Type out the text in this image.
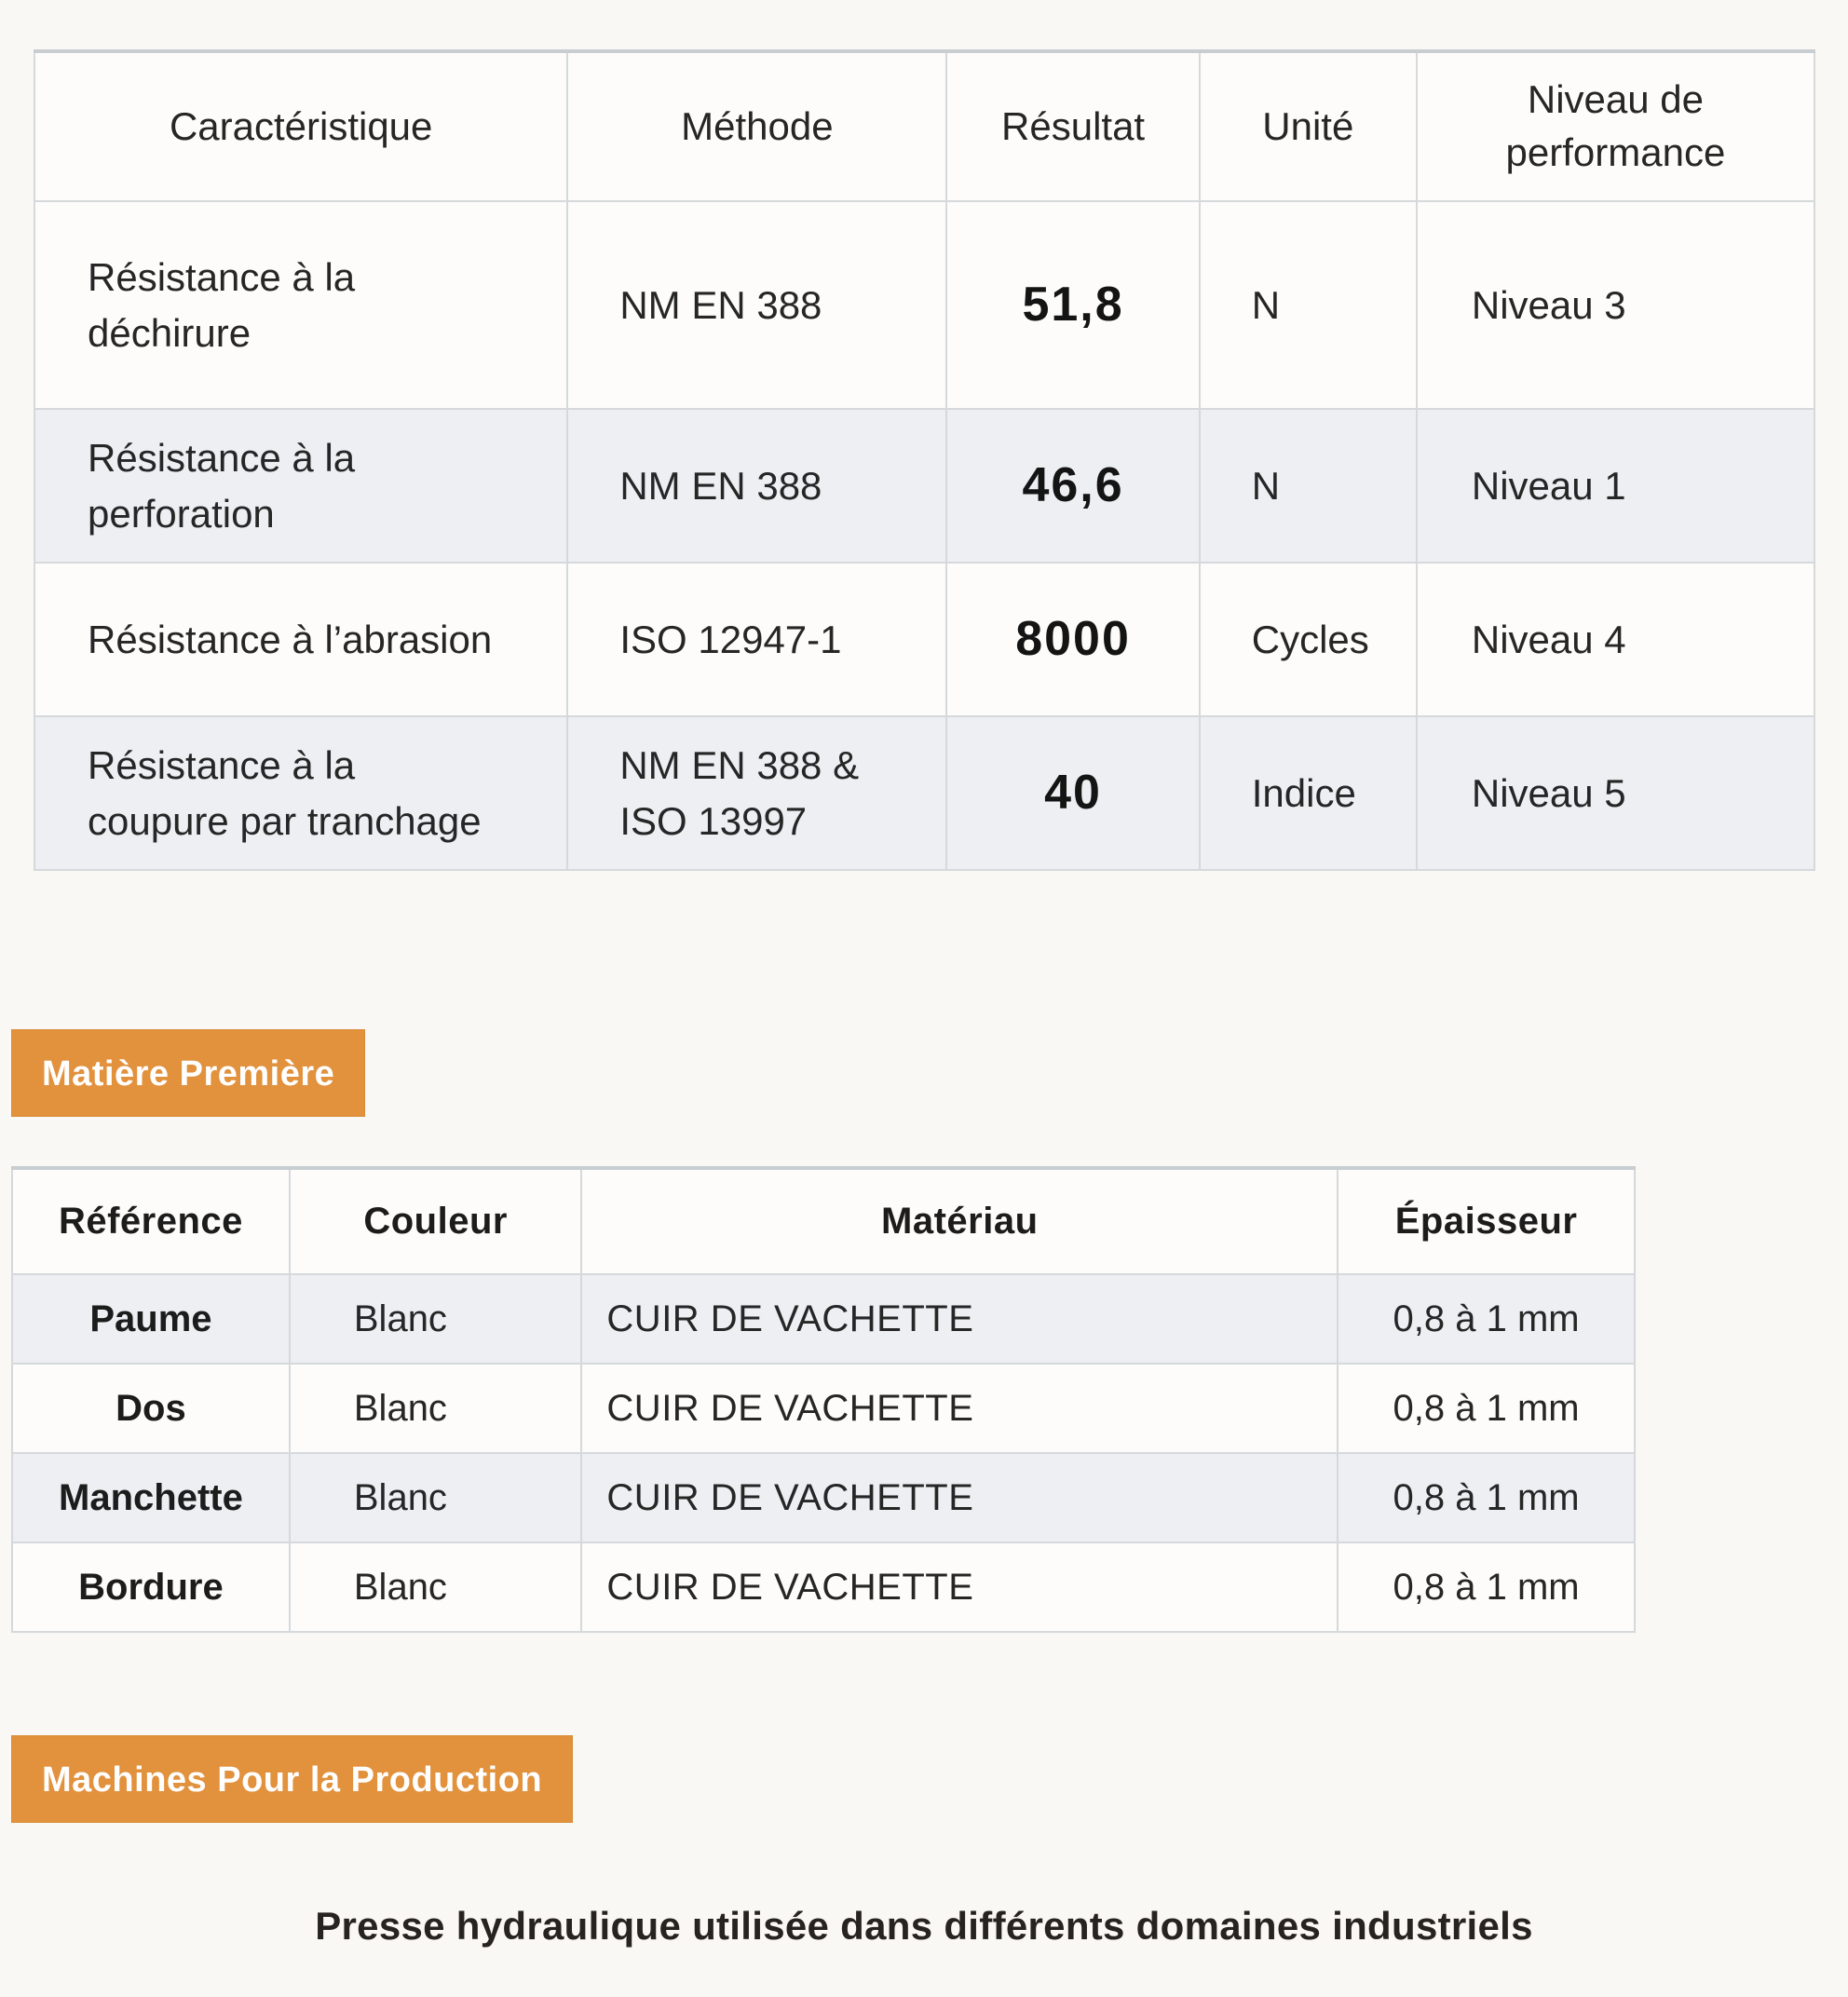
Caractéristique	Méthode	Résultat	Unité	Niveau de performance
Résistance à la déchirure	NM EN 388	51,8	N	Niveau 3
Résistance à la perforation	NM EN 388	46,6	N	Niveau 1
Résistance à l’abrasion	ISO 12947-1	8000	Cycles	Niveau 4
Résistance à la coupure par tranchage	NM EN 388 & ISO 13997	40	Indice	Niveau 5
Matière Première
Référence	Couleur	Matériau	Épaisseur
Paume	Blanc	CUIR DE VACHETTE	0,8 à 1 mm
Dos	Blanc	CUIR DE VACHETTE	0,8 à 1 mm
Manchette	Blanc	CUIR DE VACHETTE	0,8 à 1 mm
Bordure	Blanc	CUIR DE VACHETTE	0,8 à 1 mm
Machines Pour la Production
Presse hydraulique utilisée dans différents domaines industriels
